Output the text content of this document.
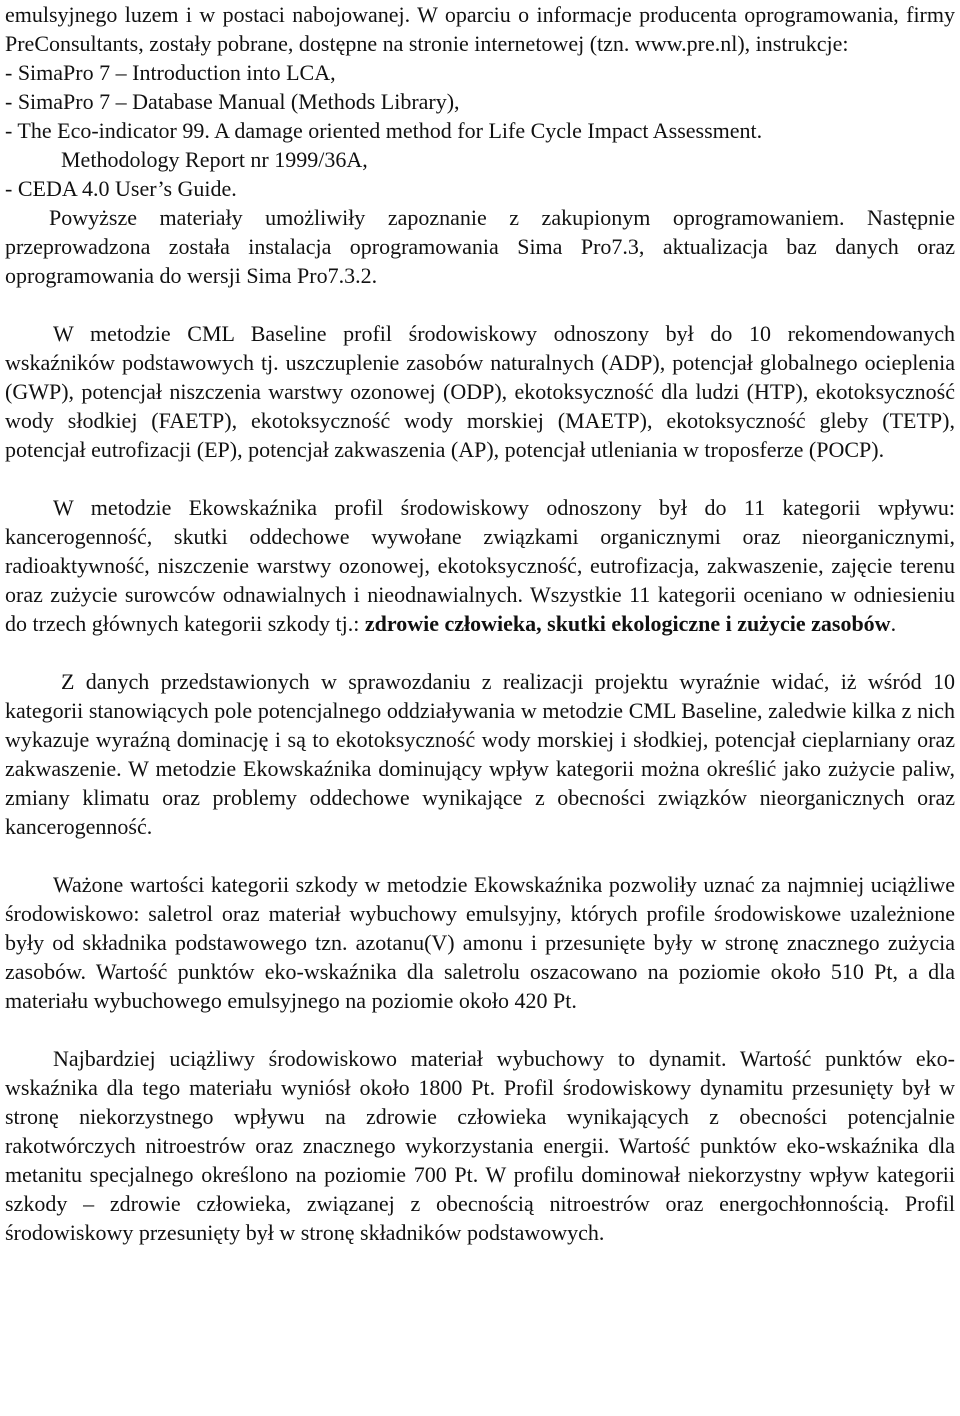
emulsyjnego luzem i w postaci nabojowanej. W oparciu o informacje producenta oprogramowania, firmy PreConsultants, zostały pobrane, dostępne na stronie internetowej (tzn. www.pre.nl), instrukcje:

- SimaPro 7 – Introduction into LCA,
- SimaPro 7 – Database Manual (Methods Library),
- The Eco-indicator 99. A damage oriented method for Life Cycle Impact Assessment.
Methodology Report nr 1999/36A,
- CEDA 4.0 User’s Guide.

Powyższe materiały umożliwiły zapoznanie z zakupionym oprogramowaniem. Następnie przeprowadzona została instalacja oprogramowania Sima Pro7.3, aktualizacja baz danych oraz oprogramowania do wersji Sima Pro7.3.2.

W metodzie CML Baseline profil środowiskowy odnoszony był do 10 rekomendowanych wskaźników podstawowych tj. uszczuplenie zasobów naturalnych (ADP), potencjał globalnego ocieplenia (GWP), potencjał niszczenia warstwy ozonowej (ODP), ekotoksyczność dla ludzi (HTP), ekotoksyczność wody słodkiej (FAETP), ekotoksyczność wody morskiej (MAETP), ekotoksyczność gleby (TETP), potencjał eutrofizacji (EP), potencjał zakwaszenia (AP), potencjał utleniania w troposferze (POCP).

W metodzie Ekowskaźnika profil środowiskowy odnoszony był do 11 kategorii wpływu: kancerogenność, skutki oddechowe wywołane związkami organicznymi oraz nieorganicznymi, radioaktywność, niszczenie warstwy ozonowej, ekotoksyczność, eutrofizacja, zakwaszenie, zajęcie terenu oraz zużycie surowców odnawialnych i nieodnawialnych. Wszystkie 11 kategorii oceniano w odniesieniu do trzech głównych kategorii szkody tj.: zdrowie człowieka, skutki ekologiczne i zużycie zasobów.

Z danych przedstawionych w sprawozdaniu z realizacji projektu wyraźnie widać, iż wśród 10 kategorii stanowiących pole potencjalnego oddziaływania w metodzie CML Baseline, zaledwie kilka z nich wykazuje wyraźną dominację i są to ekotoksyczność wody morskiej i słodkiej, potencjał cieplarniany oraz zakwaszenie. W metodzie Ekowskaźnika dominujący wpływ kategorii można określić jako zużycie paliw, zmiany klimatu oraz problemy oddechowe wynikające z obecności związków nieorganicznych oraz kancerogenność.

Ważone wartości kategorii szkody w metodzie Ekowskaźnika pozwoliły uznać za najmniej uciążliwe środowiskowo: saletrol oraz materiał wybuchowy emulsyjny, których profile środowiskowe uzależnione były od składnika podstawowego tzn. azotanu(V) amonu i przesunięte były w stronę znacznego zużycia zasobów. Wartość punktów eko-wskaźnika dla saletrolu oszacowano na poziomie około 510 Pt, a dla materiału wybuchowego emulsyjnego na poziomie około 420 Pt.

Najbardziej uciążliwy środowiskowo materiał wybuchowy to dynamit. Wartość punktów eko-wskaźnika dla tego materiału wyniósł około 1800 Pt. Profil środowiskowy dynamitu przesunięty był w stronę niekorzystnego wpływu na zdrowie człowieka wynikających z obecności potencjalnie rakotwórczych nitroestrów oraz znacznego wykorzystania energii. Wartość punktów eko-wskaźnika dla metanitu specjalnego określono na poziomie 700 Pt. W profilu dominował niekorzystny wpływ kategorii szkody – zdrowie człowieka, związanej z obecnością nitroestrów oraz energochłonnością. Profil środowiskowy przesunięty był w stronę składników podstawowych.
